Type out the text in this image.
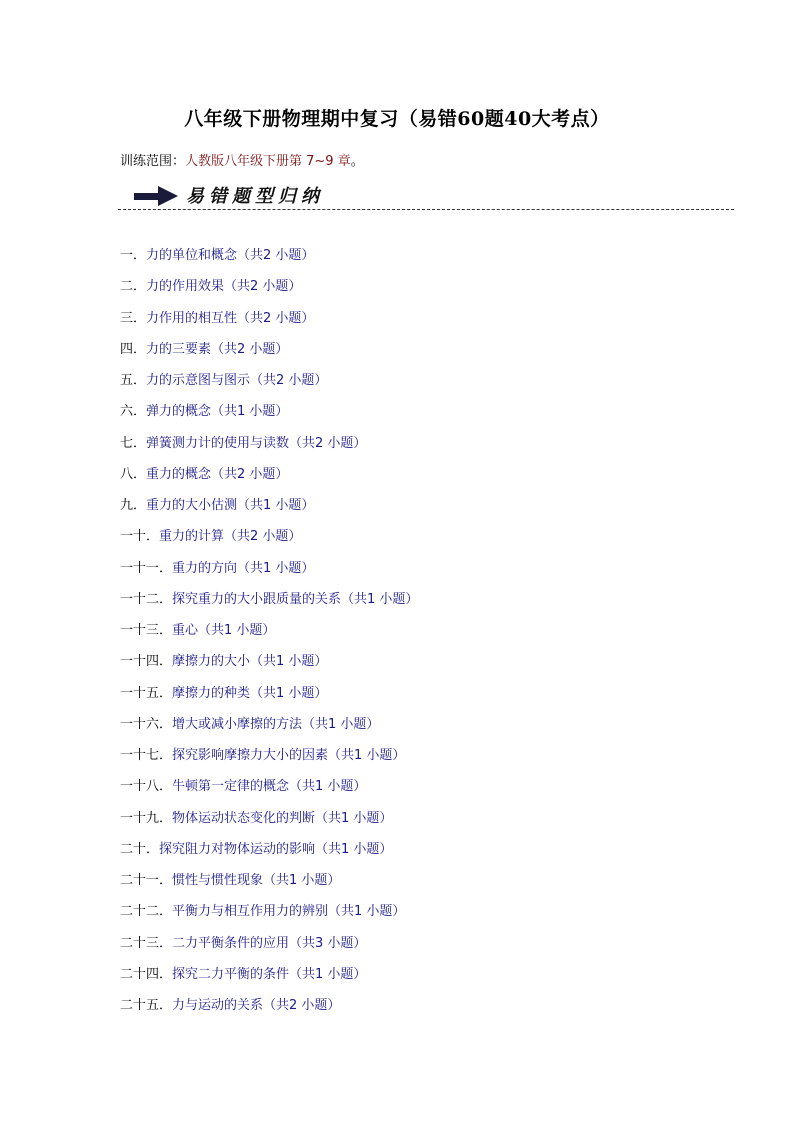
八年级下册物理期中复习（易错60题40大考点）
训练范围：人教版八年级下册第 7~9 章。
易错题型归纳
一．力的单位和概念（共2 小题）
二．力的作用效果（共2 小题）
三．力作用的相互性（共2 小题）
四．力的三要素（共2 小题）
五．力的示意图与图示（共2 小题）
六．弹力的概念（共1 小题）
七．弹簧测力计的使用与读数（共2 小题）
八．重力的概念（共2 小题）
九．重力的大小估测（共1 小题）
一十．重力的计算（共2 小题）
一十一．重力的方向（共1 小题）
一十二．探究重力的大小跟质量的关系（共1 小题）
一十三．重心（共1 小题）
一十四．摩擦力的大小（共1 小题）
一十五．摩擦力的种类（共1 小题）
一十六．增大或减小摩擦的方法（共1 小题）
一十七．探究影响摩擦力大小的因素（共1 小题）
一十八．牛顿第一定律的概念（共1 小题）
一十九．物体运动状态变化的判断（共1 小题）
二十．探究阻力对物体运动的影响（共1 小题）
二十一．惯性与惯性现象（共1 小题）
二十二．平衡力与相互作用力的辨别（共1 小题）
二十三．二力平衡条件的应用（共3 小题）
二十四．探究二力平衡的条件（共1 小题）
二十五．力与运动的关系（共2 小题）
